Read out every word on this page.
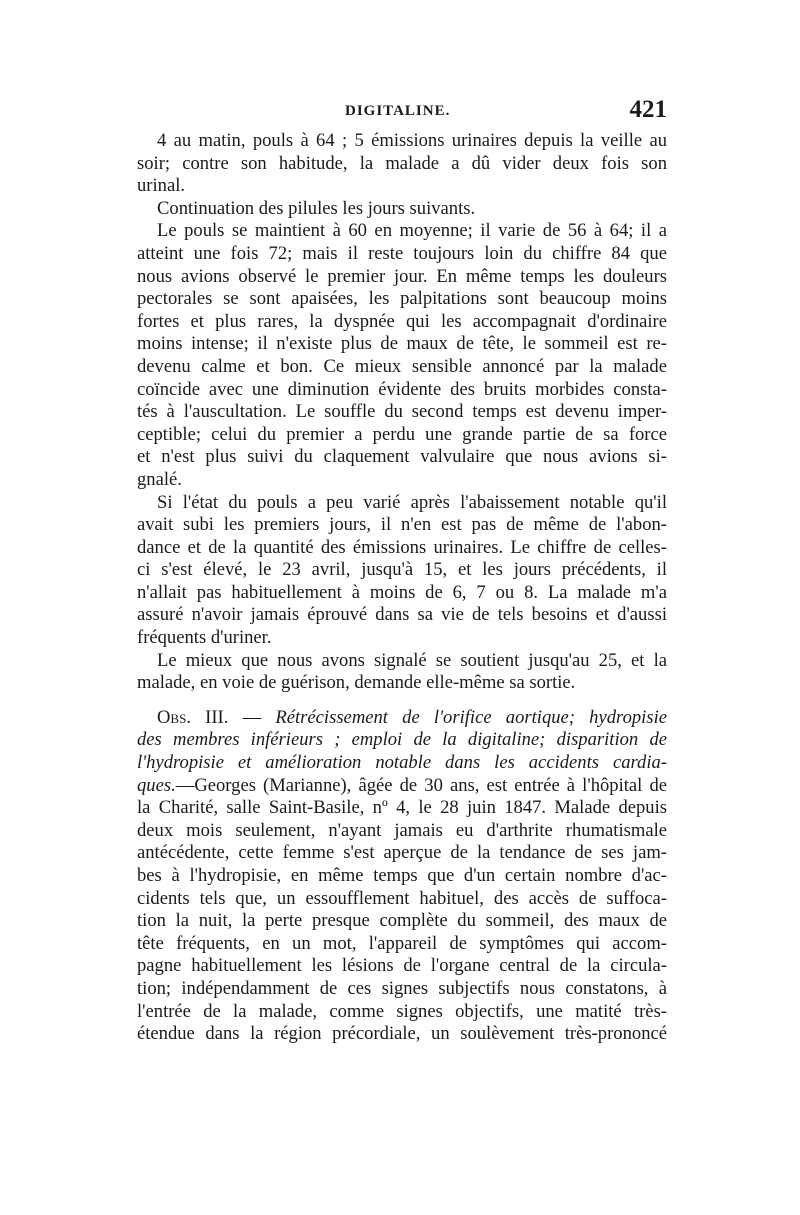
DIGITALINE.	421
4 au matin, pouls à 64 ; 5 émissions urinaires depuis la veille au
soir; contre son habitude, la malade a dû vider deux fois son
urinal.
Continuation des pilules les jours suivants.
Le pouls se maintient à 60 en moyenne; il varie de 56 à 64; il a
atteint une fois 72; mais il reste toujours loin du chiffre 84 que
nous avions observé le premier jour. En même temps les douleurs
pectorales se sont apaisées, les palpitations sont beaucoup moins
fortes et plus rares, la dyspnée qui les accompagnait d'ordinaire
moins intense; il n'existe plus de maux de tête, le sommeil est re-
devenu calme et bon. Ce mieux sensible annoncé par la malade
coïncide avec une diminution évidente des bruits morbides consta-
tés à l'auscultation. Le souffle du second temps est devenu imper-
ceptible; celui du premier a perdu une grande partie de sa force
et n'est plus suivi du claquement valvulaire que nous avions si-
gnalé.
Si l'état du pouls a peu varié après l'abaissement notable qu'il
avait subi les premiers jours, il n'en est pas de même de l'abon-
dance et de la quantité des émissions urinaires. Le chiffre de celles-
ci s'est élevé, le 23 avril, jusqu'à 15, et les jours précédents, il
n'allait pas habituellement à moins de 6, 7 ou 8. La malade m'a
assuré n'avoir jamais éprouvé dans sa vie de tels besoins et d'aussi
fréquents d'uriner.
Le mieux que nous avons signalé se soutient jusqu'au 25, et la
malade, en voie de guérison, demande elle-même sa sortie.
Obs. III. — Rétrécissement de l'orifice aortique; hydropisie
des membres inférieurs ; emploi de la digitaline; disparition de
l'hydropisie et amélioration notable dans les accidents cardia-
ques.—Georges (Marianne), âgée de 30 ans, est entrée à l'hôpital de
la Charité, salle Saint-Basile, nº 4, le 28 juin 1847. Malade depuis
deux mois seulement, n'ayant jamais eu d'arthrite rhumatismale
antécédente, cette femme s'est aperçue de la tendance de ses jam-
bes à l'hydropisie, en même temps que d'un certain nombre d'ac-
cidents tels que, un essoufflement habituel, des accès de suffoca-
tion la nuit, la perte presque complète du sommeil, des maux de
tête fréquents, en un mot, l'appareil de symptômes qui accom-
pagne habituellement les lésions de l'organe central de la circula-
tion; indépendamment de ces signes subjectifs nous constatons, à
l'entrée de la malade, comme signes objectifs, une matité très-
étendue dans la région précordiale, un soulèvement très-prononcé
